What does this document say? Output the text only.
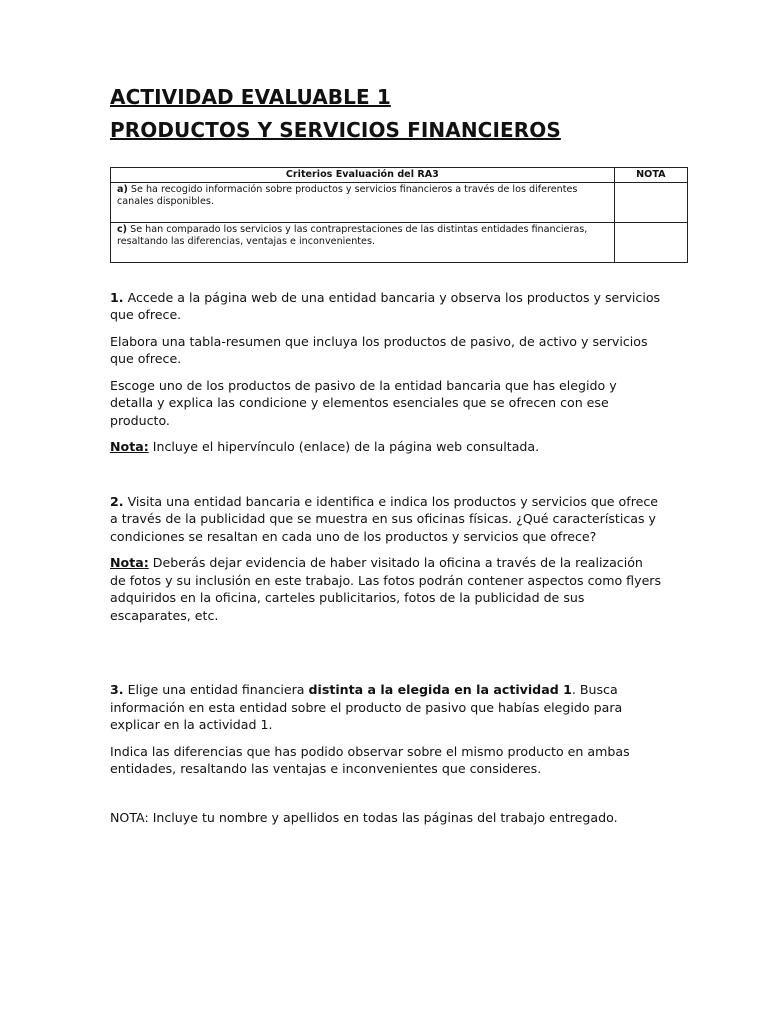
ACTIVIDAD EVALUABLE 1
PRODUCTOS Y SERVICIOS FINANCIEROS
Criterios Evaluación del RA3	NOTA
a) Se ha recogido información sobre productos y servicios financieros a través de los diferentes canales disponibles.	
c) Se han comparado los servicios y las contraprestaciones de las distintas entidades financieras, resaltando las diferencias, ventajas e inconvenientes.	

1. Accede a la página web de una entidad bancaria y observa los productos y servicios que ofrece.

Elabora una tabla-resumen que incluya los productos de pasivo, de activo y servicios que ofrece.

Escoge uno de los productos de pasivo de la entidad bancaria que has elegido y detalla y explica las condicione y elementos esenciales que se ofrecen con ese producto.

Nota: Incluye el hipervínculo (enlace) de la página web consultada.

2. Visita una entidad bancaria e identifica e indica los productos y servicios que ofrece a través de la publicidad que se muestra en sus oficinas físicas. ¿Qué características y condiciones se resaltan en cada uno de los productos y servicios que ofrece?

Nota: Deberás dejar evidencia de haber visitado la oficina a través de la realización de fotos y su inclusión en este trabajo. Las fotos podrán contener aspectos como flyers adquiridos en la oficina, carteles publicitarios, fotos de la publicidad de sus escaparates, etc.

3. Elige una entidad financiera distinta a la elegida en la actividad 1. Busca información en esta entidad sobre el producto de pasivo que habías elegido para explicar en la actividad 1.

Indica las diferencias que has podido observar sobre el mismo producto en ambas entidades, resaltando las ventajas e inconvenientes que consideres.

NOTA: Incluye tu nombre y apellidos en todas las páginas del trabajo entregado.
